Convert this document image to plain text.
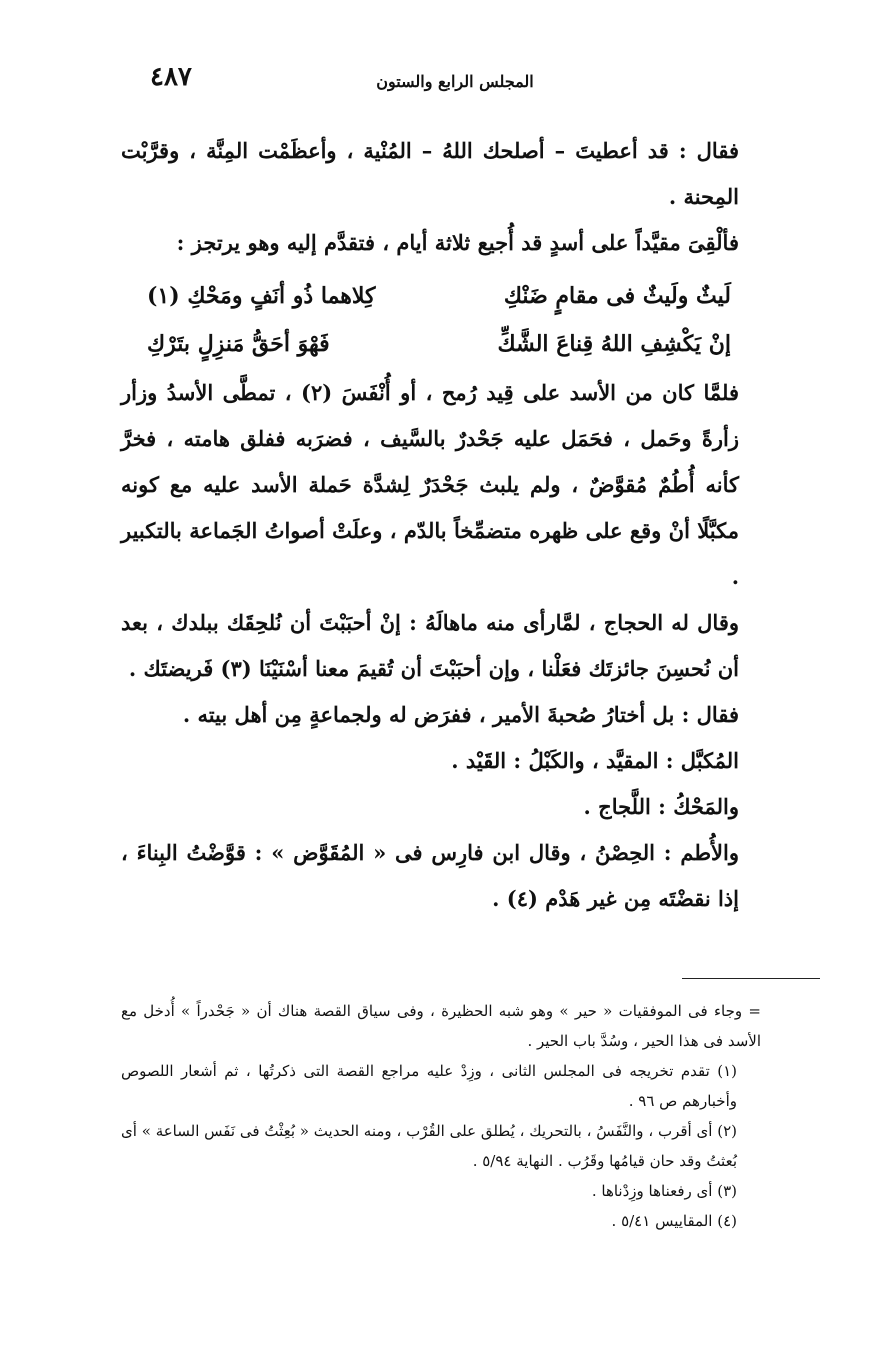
٤٨٧	المجلس الرابع والستون

فقال : قد أعطيتَ – أصلحك اللهُ – المُنْية ، وأعظَمْت المِنَّة ، وقرَّبْت المِحنة .

فألْقِىَ مقيَّداً على أسدٍ قد أُجيع ثلاثة أيام ، فتقدَّم إليه وهو يرتجز :

لَيثٌ ولَيثٌ فى مقامٍ ضَنْكِ
كِلاهما ذُو أنَفٍ ومَحْكِ (١)
إنْ يَكْشِفِ اللهُ قِناعَ الشَّكِّ
فَهْوَ أحَقُّ مَنزِلٍ بتَرْكِ

فلمَّا كان من الأسد على قِيد رُمح ، أو أُنْفَسَ (٢) ، تمطَّى الأسدُ وزأر زأرةً وحَمل ، فحَمَل عليه جَحْدرٌ بالسَّيف ، فضرَبه ففلق هامته ، فخرَّ كأنه أُطُمٌ مُقوَّضٌ ، ولم يلبث جَحْدَرٌ لِشدَّة حَملة الأسد عليه مع كونه مكبَّلًا أنْ وقع على ظهره متضمِّخاً بالدّم ، وعلَتْ أصواتُ الجَماعة بالتكبير .

وقال له الحجاج ، لمَّارأى منه ماهالَهُ : إنْ أحبَبْتَ أن نُلحِقَك ببلدك ، بعد أن نُحسِنَ جائزتَك فعَلْنا ، وإن أحبَبْتَ أن تُقيمَ معنا أسْنَيْنَا (٣) فَريضتَك .

فقال : بل أختارُ صُحبةَ الأمير ، ففرَض له ولجماعةٍ مِن أهل بيته .

المُكبَّل : المقيَّد ، والكَبْلُ : القَيْد .

والمَحْكُ : اللَّجاج .

والأُطم : الحِصْنُ ، وقال ابن فارِس فى « المُقَوَّض » : قوَّضْتُ البِناءَ ، إذا نقضْتَه مِن غير هَدْم (٤) .

= وجاء فى الموفقيات « حير » وهو شبه الحظيرة ، وفى سياق القصة هناك أن « جَحْدراً » أُدخل مع الأسد فى هذا الحير ، وسُدَّ باب الحير .

(١) تقدم تخريجه فى المجلس الثانى ، وزِدْ عليه مراجع القصة التى ذكرتُها ، ثم أشعار اللصوص وأخبارهم ص ٩٦ .

(٢) أى أقرب ، والنَّفَسُ ، بالتحريك ، يُطلق على القُرْب ، ومنه الحديث « بُعِثْتُ فى نَفَس الساعة » أى بُعثتُ وقد حان قيامُها وقَرُب . النهاية ٥/٩٤ .

(٣) أى رفعناها وزِدْناها .

(٤) المقاييس ٥/٤١ .
